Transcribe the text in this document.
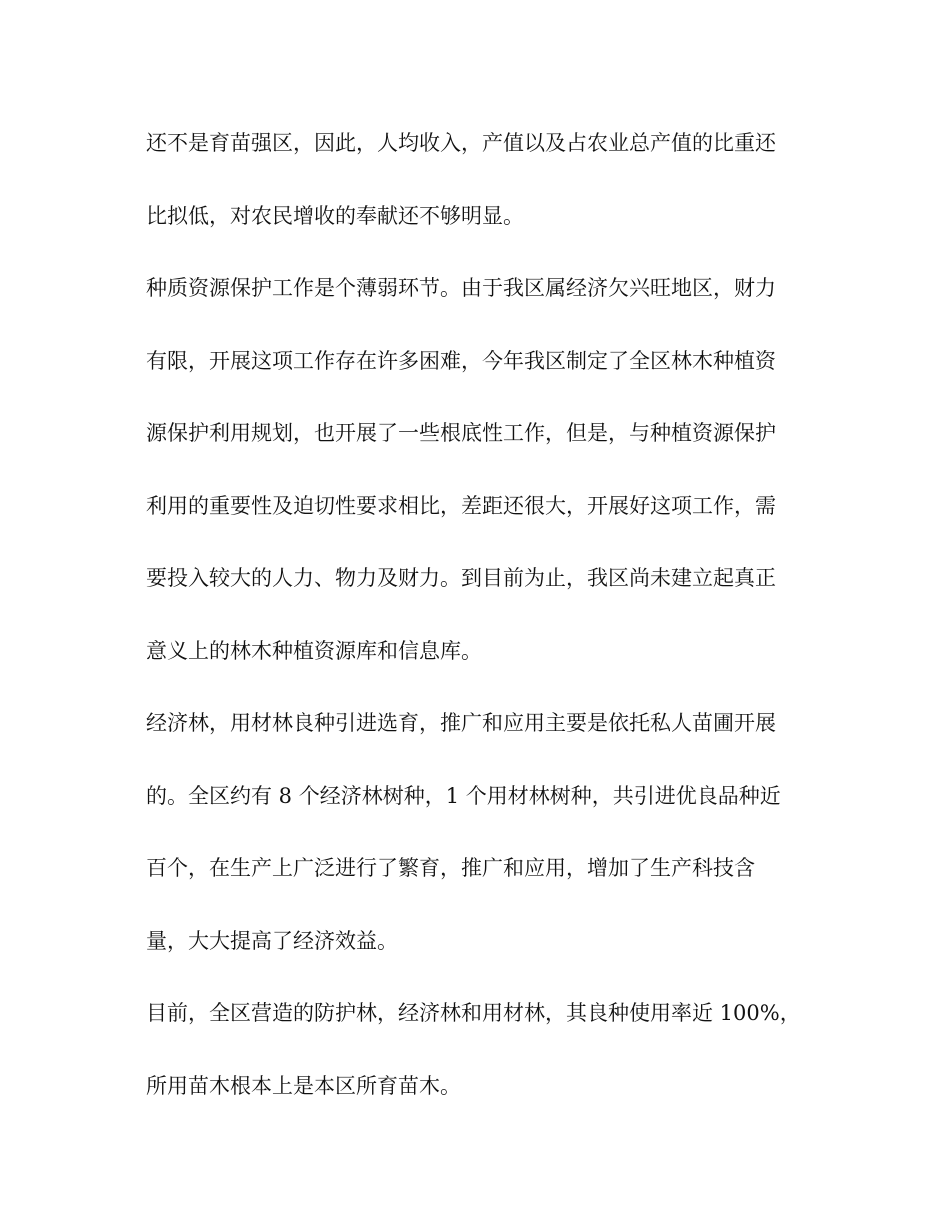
还不是育苗强区，因此，人均收入，产值以及占农业总产值的比重还
比拟低，对农民增收的奉献还不够明显。
种质资源保护工作是个薄弱环节。由于我区属经济欠兴旺地区，财力
有限，开展这项工作存在许多困难，今年我区制定了全区林木种植资
源保护利用规划，也开展了一些根底性工作，但是，与种植资源保护
利用的重要性及迫切性要求相比，差距还很大，开展好这项工作，需
要投入较大的人力、物力及财力。到目前为止，我区尚未建立起真正
意义上的林木种植资源库和信息库。
经济林，用材林良种引进选育，推广和应用主要是依托私人苗圃开展
的。全区约有 8 个经济林树种，1 个用材林树种，共引进优良品种近
百个，在生产上广泛进行了繁育，推广和应用，增加了生产科技含
量，大大提高了经济效益。
目前，全区营造的防护林，经济林和用材林，其良种使用率近 100%，
所用苗木根本上是本区所育苗木。
